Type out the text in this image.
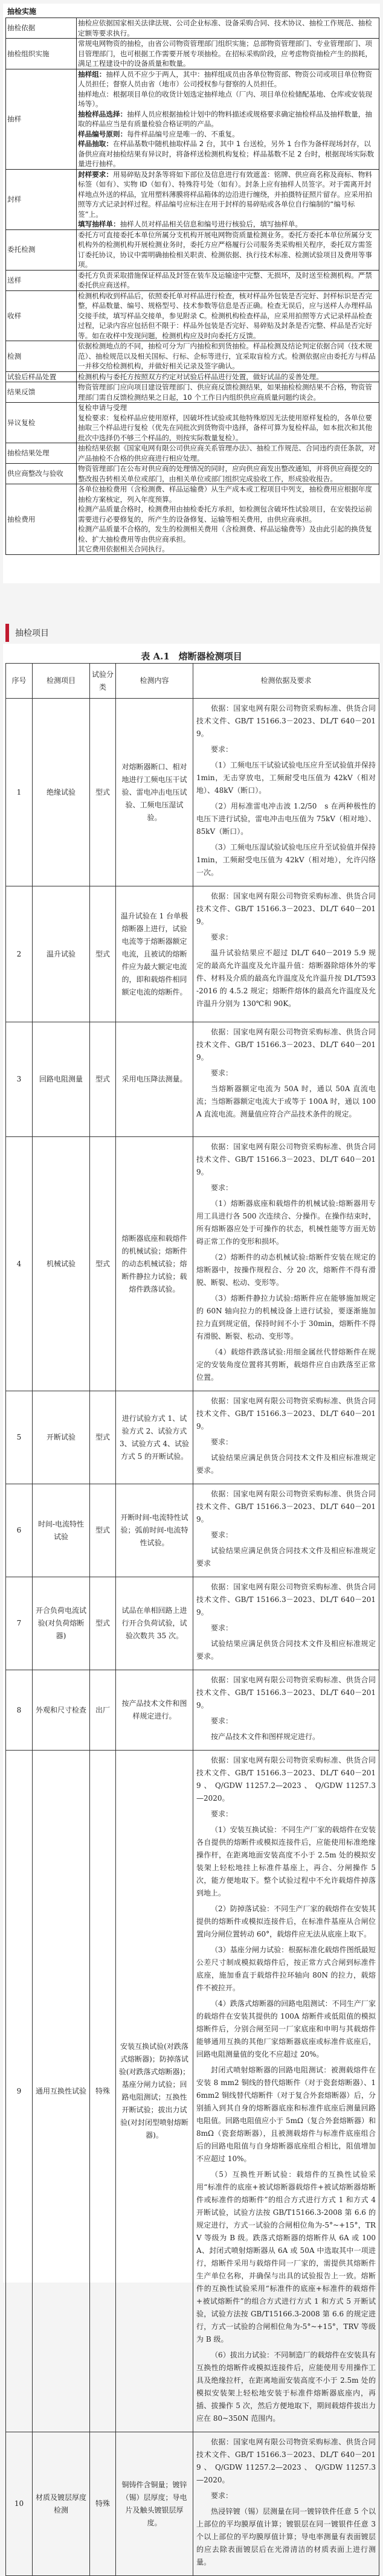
抽检实施
抽检依据	抽检应依据国家相关法律法规、公司企业标准、设备采购合同、技术协议、抽检工作规范、抽检定额等要求执行。

抽检组织实施	常规电网物资的抽检，由省公司物资管理部门组织实施；总部物资管理部门、专业管理部门、项目管理部门，也可根据工作需要开展专项抽检。在招标采购阶段，应考虑物资抽检产生的损耗，满足工程建设中的设备质量和数量。

抽样	抽样组：抽样人员不应少于两人，其中：抽样组成员由各单位物资部、物资公司或项目单位物资人员担任；督察人员由省（地市）公司授权参与督察的人员担任。

抽样地点：根据项目单位的收货计划选定抽样地点（厂内、项目单位检储配基地、仓库或安装现场等）。

抽检样品选择：抽样人员应根据抽检计划中的物料描述或规格要求确定抽检样品及抽样数量，抽取的样品应当是有质量检验合格证明的产品。

样品编号原则：每件样品编号应是唯一的、不重复。

样品抽取：在样品基数中随机抽取样品 2 台，其中 1 台送检，另外 1 台作为备样现场封存，以备供应商对抽检结果有异议时，将备样送检测机构复检；样品基数不足 2 台时，根据现场实际数量进行抽样。

封样	封样要求：用易碎贴及封条等将如下部位及信息进行有效遮盖：铭牌、供应商名称及商标、物料标签（如有）、实物 ID（如有）、特殊符号处（如有）。封条上应有抽样人员签字。对于需离开封样地点外送的样品，宜用塑料薄膜将样品箱体的边沿进行缠绕，并拍摄特征照片留存。应采用拍照等方式记录封样过程。样品编号应标注在用于封样的易碎贴或各单位自行编制的“编号标签”上。

填写抽样单：抽样人员对样品相关信息和编号进行核验后，填写抽样单。

委托检测	委托方可直接委托本单位所属分支机构开展电网物资质量检测业务。委托方委托本单位所属分支机构外的检测机构开展检测业务时，委托方应严格履行公司服务类采购相关程序，委托双方需签订委托协议，协议中需明确抽检相关职责、检测依据、执行技术标准、检测试验项目及费用等事项。

送样	委托方负责采取措施保证样品及封签在装车及运输途中完整、无损坏，及时送至检测机构。严禁委托供应商送样。

收样	检测机构收到样品后，依照委托单对样品进行检查，核对样品外包装是否完好、封样标识是否完整，样品数量、编号、规格型号、技术参数等信息是否正确。检查无误后，应与送样人办理样品交接手续，填写样品交接单，参见附录 C。检测机构检查样品，应采用拍照等方式记录样品检查过程，记录内容应包括但不限于：样品外包装是否完好、易碎贴及封条是否完整、样品是否完好等。如在收样中发现问题，检测机构应及时向委托方反馈。

检测	依据检测地点的不同，抽检可分为厂内抽检和到货抽检。样品检测及结论判定依据合同（技术规范）、抽检规范以及相关国标、行标、企标等进行，宜采取盲检方式。检测依据应由委托方与样品一并移交给检测机构，并做好相关记录及签字确认。

试验后样品处置	检测机构与委托方按照双方约定对试验后样品进行处置，做好试品的妥善处理。

结果反馈	物资管理部门应向项目建设管理部门、供应商反馈检测结果，如果抽检检测结果不合格，物资管理部门需自反馈检测结果之日起，10 个工作日内组织供应商质量问题约谈会。

异议复检	复检申请与受理

复检要求：复检样品应使用原样，因破坏性试验或其他特殊原因无法使用原样复检的，各单位要抽取三个样品进行复检（优先在同批次到货物资中选择，备样可算为复检样品，如本批次和其他批次中选择仍不够三个样品的，则按实际数量复检）。

抽检结果处理	抽检结果依据《国家电网有限公司供应商关系管理办法》、抽检工作规范、合同违约责任条款，对产品抽检不合格的供应商进行相应处理。

供应商整改与验收	物资管理部门在公布对供应商的处理情况的同时，应向供应商发出整改通知，并将供应商提交的整改报告转相关单位或部门，由相关单位或部门组织完成验收工作，形成验收报告。

抽检费用	各单位抽检费用（含检测费、样品运输费）从生产成本或工程项目中列支，抽检费用应根据年度抽检方案核定，列入年度预算。

检测产品质量合格时，检测费用由抽检委托方承担，如检测包含破坏性试验项目，在安装投运前需要进行必要修复的，所产生的设备修复、运输等相关费用，由供应商承担。

检测产品质量不合格的，发生的检测相关费用（含检测费、样品运输费等）及由此引起的换货复检、扩大抽检费用等由供应商承担。

其它费用依据相关合同执行。

抽检项目
表 A.1　熔断器检测项目
序号	检测项目	试验分类	检测内容	检测依据及要求
1	绝缘试验	型式	对熔断器断口、相对地进行工频电压干试验、雷电冲击电压试验、工频电压湿试验。	依据：国家电网有限公司物资采购标准、供货合同技术文件、GB/T 15166.3－2023、DL/T 640－2019。

要求：

（1）工频电压干试验试验电压应升至试验值并保持 1min，无击穿放电，工频耐受电压值为 42kV（相对地）、48kV（断口）。

（2）用标准雷电冲击波 1.2/50　s 在两种极性的电压下进行试验，雷电冲击电压值为 75kV（相对地）、85kV（断口）。

（3）工频电压湿试验试验电压应升至试验值并保持 1min，工频耐受电压值为 42kV（相对地），允许闪络一次。

2	温升试验	型式	温升试验在 1 台单极熔断器上进行，试验电流等于熔断器额定电流，且被试的熔断件应为最大额定电流的，即和载熔件相同额定电流的熔断件。	依据：国家电网有限公司物资采购标准、供货合同技术文件、GB/T 15166.3－2023、DL/T 640－2019。

要求：

温升试验结果应不超过 DL/T 640－2019 5.9 规定的最高允许温度及允许温升值：熔断器除熔体外的零件、材料及介质的最高允许温度及允许温升按 DL/T593-2016 的 4.5.2 规定；熔断件熔体的最高允许温度及允许温升分别为 130℃和 90K。

3	回路电阻测量	型式	采用电压降法测量。	依据：国家电网有限公司物资采购标准、供货合同技术文件、GB/T 15166.3－2023、DL/T 640－2019。

要求：

当熔断器额定电流为 50A 时，通以 50A 直流电流；当熔断器额定电流大于或等于 100A 时，通以 100A 直流电流。测量值应符合产品技术条件的规定。

4	机械试验	型式	熔断器底座和载熔件的机械试验；熔断件的动态机械试验；熔断件静拉力试验；载熔件跌落试验。	

依据：国家电网有限公司物资采购标准、供货合同技术文件、GB/T 15166.3－2023、DL/T 640－2019。

要求：

（1）熔断器底座和载熔件的机械试验:熔断器用专用工具进行各 500 次连续合、分操作。在操作结束时，所有熔断器应处于可操作的状态，机械性能等方面无妨碍正常工作的变形和损坏。

（2）熔断件的动态机械试验:熔断件安装在规定的熔断器中，按操作规程合、分 20 次，熔断件不得有滑脱、断裂、松动、变形等。

（3）熔断件静拉力试验:熔断件应在能够施加规定的 60N 轴向拉力的机械设备上进行试验，要逐渐施加拉力直到规定值，保持时间不小于 30min，熔断件不得有滑脱、断裂、松动、变形等。

（4）载熔件跌落试验:用细金属丝代替熔断件在规定的安装角度位置将其剪断，载熔件应自由跌落至正常位置。

5	开断试验	型式	进行试验方式 1、试验方式 2、试验方式 3、试验方式 4、试验方式 5 的开断试验。	依据：国家电网有限公司物资采购标准、供货合同技术文件、GB/T 15166.3－2023、DL/T 640－2019。

要求：

试验结果应满足供货合同技术文件及相应标准规定要求。

6	时间-电流特性试验	型式	开断时间-电流特性试验；弧前时间-电流特性试验。	依据：国家电网有限公司物资采购标准、供货合同技术文件、GB/T 15166.3－2023、DL/T 640－2019。

要求：

试验结果应满足供货合同技术文件及相应标准规定要求

7	开合负荷电流试验(对负荷熔断器)	型式	试品在单相回路上进行开合负荷试验，试验次数共 35 次。	依据：国家电网有限公司物资采购标准、供货合同技术文件、GB/T 15166.3－2023、DL/T 640－2019。

要求：

试验结果应满足供货合同技术文件及相应标准规定要求。

8	外观和尺寸检查	出厂	按产品技术文件和图样规定进行。	依据：国家电网有限公司物资采购标准、供货合同技术文件、GB/T 15166.3－2023、DL/T 640－2019。

要求：

按产品技术文件和图样规定进行。

9	通用互换性试验	特殊	安装互换试验(对跌落式熔断器)；防掉落试验(对跌落式熔断器)；基座分闸力试验；回路电阻测试；互换性开断试验；拔出力试验(对封闭型喷射熔断器)。	

依据：国家电网有限公司物资采购标准、供货合同技术文件、GB/T 15166.3－2023、DL/T 640－2019 、 Q/GDW 11257.2—2023 、 Q/GDW 11257.3—2020。

要求：

（1）安装互换试验：不同生产厂家的载熔件在安装各自提供的熔断件或模拟连接件后，应能使用标准绝缘操作杆，在距离地面安装高度不小于 2.5m 处的模拟安装架上轻松地挂上标准件基座上，再合、分闸操作 5 次，能方便地取下。整个试验过程中不允许载熔件掉落到地上。

（2）防掉落试验：不同生产厂家的载熔件在安装其提供的熔断件或模拟连接件后，在标准件基座从合闸位置向分闸位置转动 60°，载熔件应无法从底座上取下。

（3）基座分闸力试验：根据标准化载熔件图纸最短公差尺寸制成模拟载熔件后，按正常方式合闸到标准件底座，施加垂直于载熔件拉环轴向 80N 的拉力，载熔件不被拉开。

（4）跌落式熔断器的回路电阻测试：不同生产厂家的载熔件在安装其提供的 100A 熔断件或低阻值的模拟熔断件后，分别合闸至同一厂家底座和申明与其载熔件能够通用互换的其他厂家熔断器底座或标准件底座后，回路电阻测量值的变化不应超过 20%。

封闭式喷射熔断器的回路电阻测试：被测载熔件在安装 8 mm2 铜线的替代熔断件（对于瓷套熔断器）、16mm2 铜线替代熔断件（对于复合外套熔断器）后，分别插入到其自身的熔断器底座和标准件底座后测量回路电阻值。回路电阻值应小于 5mΩ（复合外套熔断器）和 8mΩ（瓷套熔断器），且被测载熔件与标准件底座组合后的回路电阻值与自身熔断器底座组合相比，阻值增加不应超过 10%。

（5）互换性开断试验：载熔件的互换性试验采用“标准件的底座+被试熔断器载熔件+被试熔断器熔断件或标准件的熔断件”的组合方式进行方式 1 和方式 4 开断试验，试验方法按 GB/T15166.3-2008 第 6.6 的规定进行，方式一试验的合闸相位角为-5°~+15°，TRV 等级为 B 级。跌落式熔断器的熔断件从 6A 或 100A、封闭式喷射熔断器从 6A 或 50A 中选取其中一项进行，熔断件采用与载熔件同一厂家的，需提供其熔断件生产单位名称，并确保与出具的试验报告上一致。熔断件的互换性试验采用“标准件的底座+标准件的载熔件+被试熔断件”的组合方式进行方式 1 和方式 5 开断试验，试验方法按 GB/T15166.3-2008 第 6.6 的规定进行，方式一试验的合闸相位角为-5°~+15°，TRV 等级为 B 级。

（6）拔出力试验：不同制造厂的载熔件在安装具有互换性的熔断件或模拟连接件后，应能使用专用操作工具及绝缘拉杆，在距离地面安装高度不小于 2.5m 处的模拟安装架上轻松地安装于标准件熔断器底座内，再插、拔操作 5 次，然后方便地取下，期间载熔件拔出力应在 80~350N 范围内。

10	材质及镀层厚度检测	特殊	铜铸件含铜量；镀锌（锡）层厚度；导电片及触头镀银层厚度。	依据：国家电网有限公司物资采购标准、供货合同技术文件、GB/T 15166.3－2023、DL/T 640－2019 、 Q/GDW 11257.2—2023 、 Q/GDW 11257.3—2020。

要求：

热浸锌镀（锡）层测量在同一镀锌铁件任意 5 个以上部位的平均膜厚值计算；镀银层在同一镀银件任意 3 个以上部位的平均膜厚值计算；导电率测量有表面镀层的应去除表面镀层后在光滑清洁的材质表面上进行测量。
